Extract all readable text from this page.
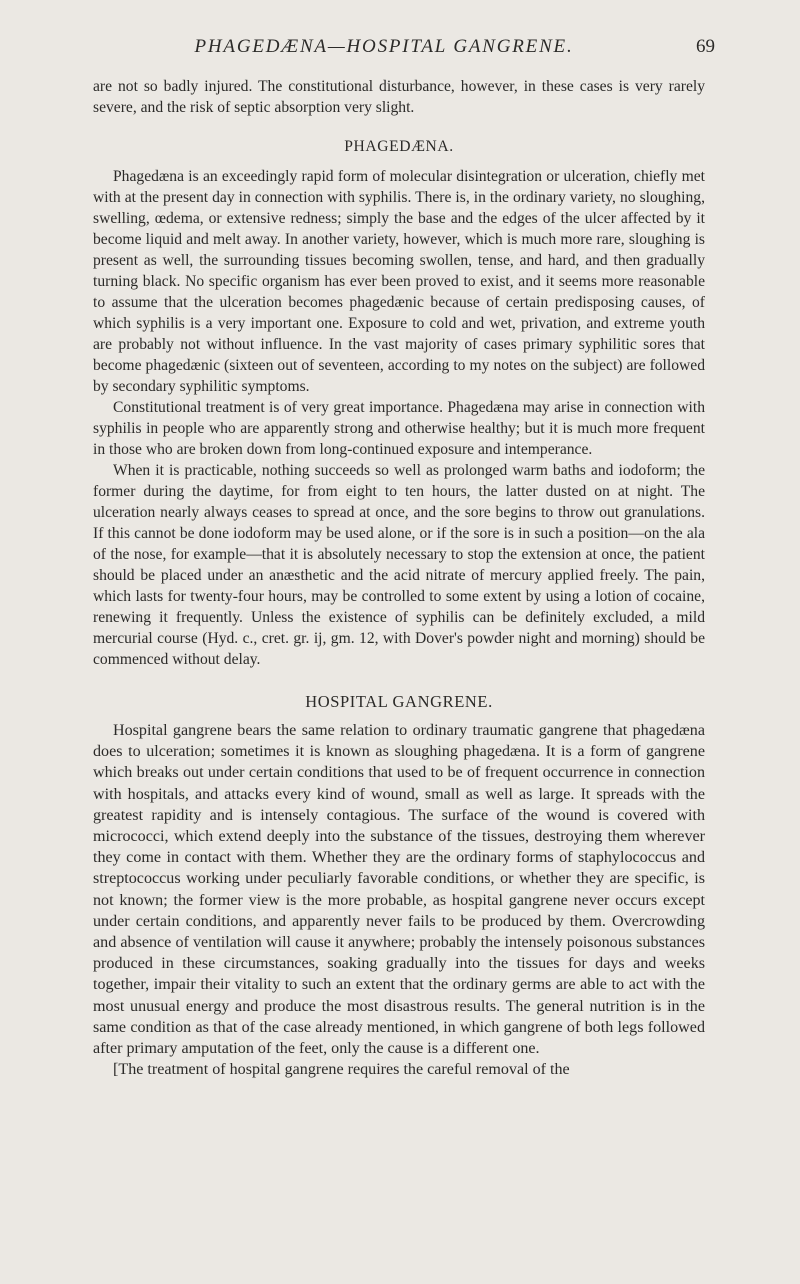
PHAGEDÆNA—HOSPITAL GANGRENE.	69

are not so badly injured. The constitutional disturbance, however, in these cases is very rarely severe, and the risk of septic absorption very slight.

PHAGEDÆNA.

Phagedæna is an exceedingly rapid form of molecular disintegration or ulceration, chiefly met with at the present day in connection with syphilis. There is, in the ordinary variety, no sloughing, swelling, œdema, or extensive redness; simply the base and the edges of the ulcer affected by it become liquid and melt away. In another variety, however, which is much more rare, sloughing is present as well, the surrounding tissues becoming swollen, tense, and hard, and then gradually turning black. No specific organism has ever been proved to exist, and it seems more reasonable to assume that the ulceration becomes phagedænic because of certain predisposing causes, of which syphilis is a very important one. Exposure to cold and wet, privation, and extreme youth are probably not without influence. In the vast majority of cases primary syphilitic sores that become phagedænic (sixteen out of seventeen, according to my notes on the subject) are followed by secondary syphilitic symptoms.

Constitutional treatment is of very great importance. Phagedæna may arise in connection with syphilis in people who are apparently strong and otherwise healthy; but it is much more frequent in those who are broken down from long-continued exposure and intemperance.

When it is practicable, nothing succeeds so well as prolonged warm baths and iodoform; the former during the daytime, for from eight to ten hours, the latter dusted on at night. The ulceration nearly always ceases to spread at once, and the sore begins to throw out granulations. If this cannot be done iodoform may be used alone, or if the sore is in such a position—on the ala of the nose, for example—that it is absolutely necessary to stop the extension at once, the patient should be placed under an anæsthetic and the acid nitrate of mercury applied freely. The pain, which lasts for twenty-four hours, may be controlled to some extent by using a lotion of cocaine, renewing it frequently. Unless the existence of syphilis can be definitely excluded, a mild mercurial course (Hyd. c., cret. gr. ij, gm. 12, with Dover's powder night and morning) should be commenced without delay.

HOSPITAL GANGRENE.

Hospital gangrene bears the same relation to ordinary traumatic gangrene that phagedæna does to ulceration; sometimes it is known as sloughing phagedæna. It is a form of gangrene which breaks out under certain conditions that used to be of frequent occurrence in connection with hospitals, and attacks every kind of wound, small as well as large. It spreads with the greatest rapidity and is intensely contagious. The surface of the wound is covered with micrococci, which extend deeply into the substance of the tissues, destroying them wherever they come in contact with them. Whether they are the ordinary forms of staphylococcus and streptococcus working under peculiarly favorable conditions, or whether they are specific, is not known; the former view is the more probable, as hospital gangrene never occurs except under certain conditions, and apparently never fails to be produced by them. Overcrowding and absence of ventilation will cause it anywhere; probably the intensely poisonous substances produced in these circumstances, soaking gradually into the tissues for days and weeks together, impair their vitality to such an extent that the ordinary germs are able to act with the most unusual energy and produce the most disastrous results. The general nutrition is in the same condition as that of the case already mentioned, in which gangrene of both legs followed after primary amputation of the feet, only the cause is a different one.

[The treatment of hospital gangrene requires the careful removal of the
